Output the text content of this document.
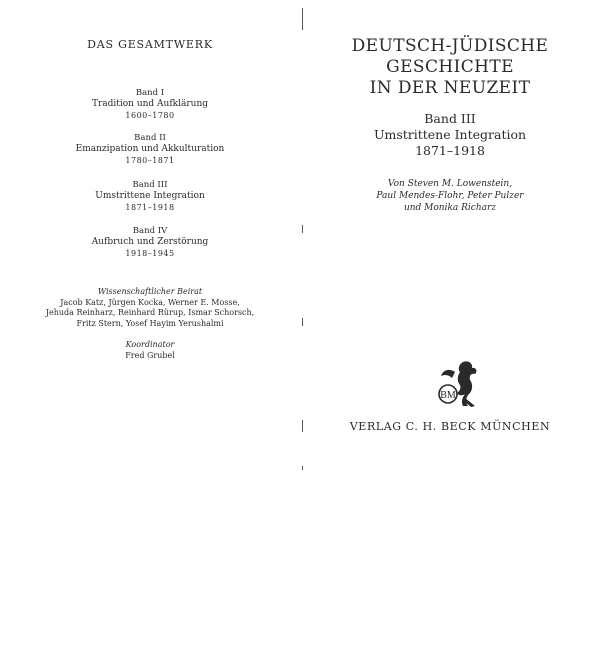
DAS GESAMTWERK
Band I
Tradition und Aufklärung
1600–1780
Band II
Emanzipation und Akkulturation
1780–1871
Band III
Umstrittene Integration
1871–1918
Band IV
Aufbruch und Zerstörung
1918–1945
Wissenschaftlicher Beirat
Jacob Katz, Jürgen Kocka, Werner E. Mosse,
Jehuda Reinharz, Reinhard Rürup, Ismar Schorsch,
Fritz Stern, Yosef Hayim Yerushalmi
Koordinator
Fred Grubel
DEUTSCH-JÜDISCHE
GESCHICHTE
IN DER NEUZEIT
Band III
Umstrittene Integration
1871–1918
Von Steven M. Lowenstein,
Paul Mendes-Flohr, Peter Pulzer
und Monika Richarz
BM
VERLAG C. H. BECK MÜNCHEN
